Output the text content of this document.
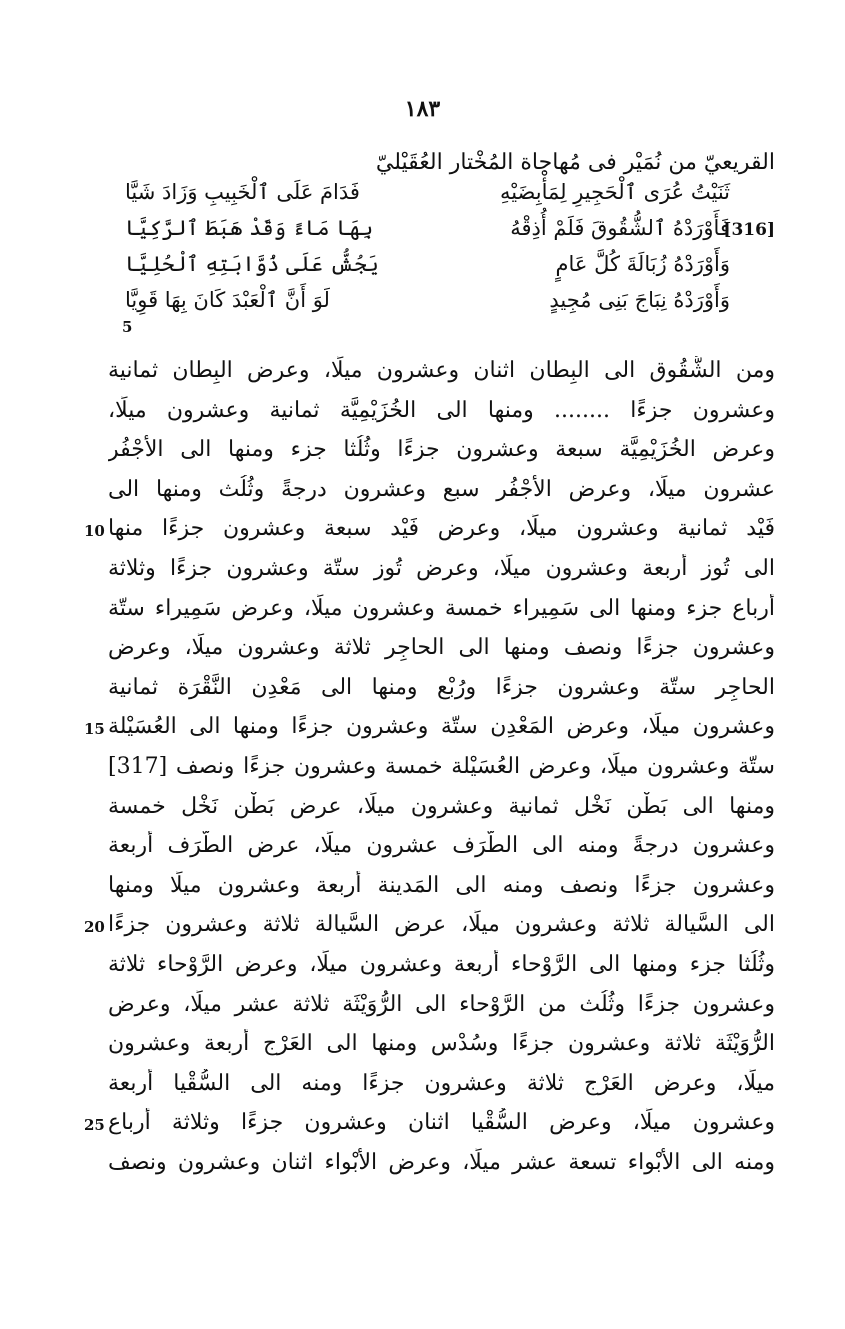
١٨٣
القريعيّ من نُمَيْر فى مُهاجاة المُخْتار العُقَيْليّ
ثَنَيْتُ عُرَى ٱلْحَجِيرِ لِمَأْبِضَيْهِ
فَدَامَ عَلَى ٱلْخَبِيبِ وَزَادَ شَيَّا
فَأَوْرَدْهُ ٱلشُّقُوقَ فَلَمْ أُذِقْهُ
بِهَا مَاءً وَقَدْ هَبَطَ ٱلرَّكِيَّا	[316]
وَأَوْرَدْهُ زُبَالَةَ كُلَّ عَامٍ
يَجُشُّ عَلَى ذُوَّابَتِهِ ٱلْحُلِيَّا
وَأَوْرَدْهُ نِبَاجَ بَنِى مُجِيدٍ
لَوَ أَنَّ ٱلْعَبْدَ كَانَ بِهَا قَوِيَّا
5
ومن الشُّقُوق الى البِطان اثنان وعشرون ميلًا، وعرض البِطان ثمانية
وعشرون جزءًا ........ ومنها الى الخُزَيْمِيَّة ثمانية وعشرون ميلًا،
وعرض الخُزَيْمِيَّة سبعة وعشرون جزءًا وثُلُثا جزء ومنها الى الأَجْفُر
عشرون ميلًا، وعرض الأَجْفُر سبع وعشرون درجةً وثُلُث ومنها الى
فَيْد ثمانية وعشرون ميلًا، وعرض فَيْد سبعة وعشرون جزءًا منها
10
الى تُوز أربعة وعشرون ميلًا، وعرض تُوز ستّة وعشرون جزءًا وثلاثة
أرباع جزء ومنها الى سَمِيراء خمسة وعشرون ميلًا، وعرض سَمِيراء ستّة
وعشرون جزءًا ونصف ومنها الى الحاجِر ثلاثة وعشرون ميلًا، وعرض
الحاجِر ستّة وعشرون جزءًا ورُبْع ومنها الى مَعْدِن النَّقْرَة ثمانية
وعشرون ميلًا، وعرض المَعْدِن ستّة وعشرون جزءًا ومنها الى العُسَيْلة
15
ستّة وعشرون ميلًا، وعرض العُسَيْلة خمسة وعشرون جزءًا ونصف [317]
ومنها الى بَطْن نَخْل ثمانية وعشرون ميلًا، عرض بَطْن نَخْل خمسة
وعشرون درجةً ومنه الى الطَّرَف عشرون ميلًا، عرض الطَّرَف أربعة
وعشرون جزءًا ونصف ومنه الى المَدينة أربعة وعشرون ميلًا ومنها
الى السَّيالة ثلاثة وعشرون ميلًا، عرض السَّيالة ثلاثة وعشرون جزءًا
20
وثُلُثا جزء ومنها الى الرَّوْحاء أربعة وعشرون ميلًا، وعرض الرَّوْحاء ثلاثة
وعشرون جزءًا وثُلُث من الرَّوْحاء الى الرُّوَيْثَة ثلاثة عشر ميلًا، وعرض
الرُّوَيْثَة ثلاثة وعشرون جزءًا وسُدْس ومنها الى العَرْج أربعة وعشرون
ميلًا، وعرض العَرْج ثلاثة وعشرون جزءًا ومنه الى السُّقْيا أربعة
وعشرون ميلًا، وعرض السُّقْيا اثنان وعشرون جزءًا وثلاثة أرباع
25
ومنه الى الأَبْواء تسعة عشر ميلًا، وعرض الأَبْواء اثنان وعشرون ونصف
